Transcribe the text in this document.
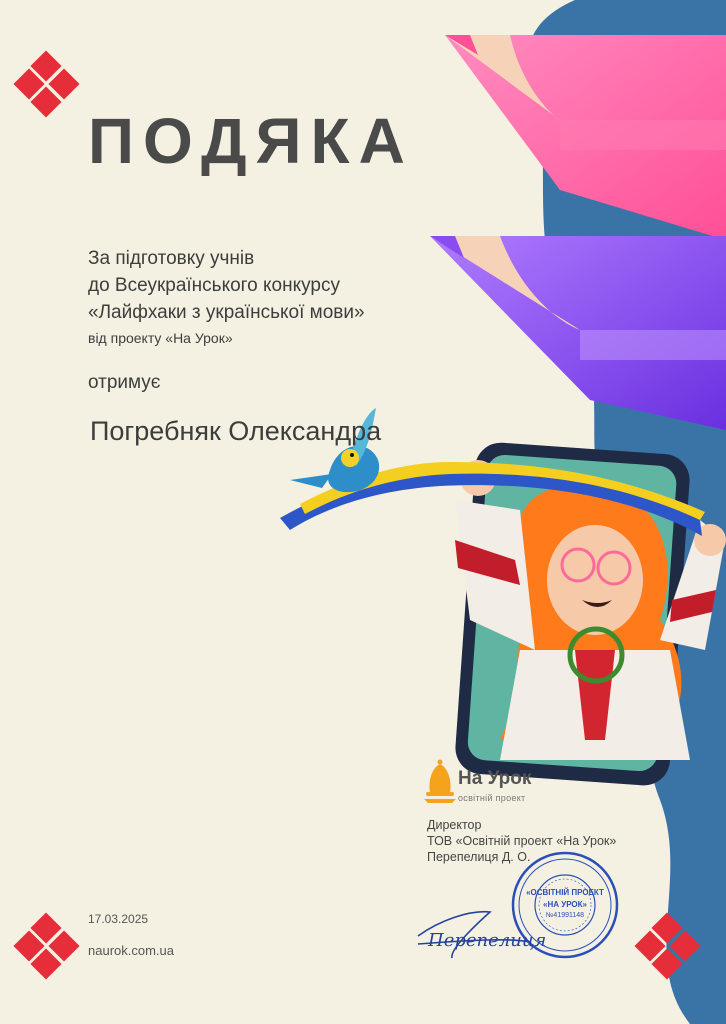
ПОДЯКА
За підготовку учнів
до Всеукраїнського конкурсу
«Лайфхаки з української мови»
від проекту «На Урок»
отримує
Погребняк Олександра
На Урок
освітній проект
Директор
ТОВ «Освітній проект «На Урок»
Перепелиця Д. О.
«ОСВІТНІЙ ПРОЕКТ
«НА УРОК»
№41991148
Перепелиця
17.03.2025
naurok.com.ua
